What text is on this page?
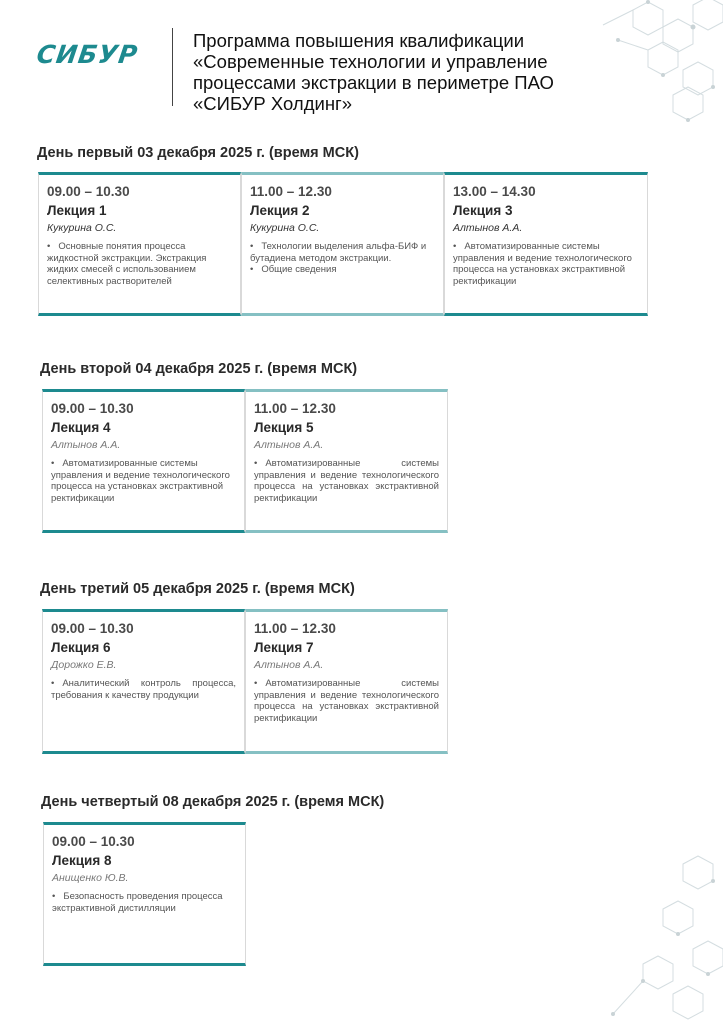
СИБУР	Программа повышения квалификации «Современные технологии и управление процессами экстракции в периметре ПАО «СИБУР Холдинг»
День первый 03 декабря 2025 г. (время МСК)
09.00 – 10.30
Лекция 1
Кукурина О.С.
• Основные понятия процесса жидкостной экстракции. Экстракция жидких смесей с использованием селективных растворителей
11.00 – 12.30
Лекция 2
Кукурина О.С.
• Технологии выделения альфа-БИФ и бутадиена методом экстракции.
• Общие сведения
13.00 – 14.30
Лекция 3
Алтынов А.А.
• Автоматизированные системы управления и ведение технологического процесса на установках экстрактивной ректификации
День второй 04 декабря 2025 г. (время МСК)
09.00 – 10.30
Лекция 4
Алтынов А.А.
• Автоматизированные системы управления и ведение технологического процесса на установках экстрактивной ректификации
11.00 – 12.30
Лекция 5
Алтынов А.А.
• Автоматизированные системы управления и ведение технологического процесса на установках экстрактивной ректификации
День третий 05 декабря 2025 г. (время МСК)
09.00 – 10.30
Лекция 6
Дорожко Е.В.
• Аналитический контроль процесса, требования к качеству продукции
11.00 – 12.30
Лекция 7
Алтынов А.А.
• Автоматизированные системы управления и ведение технологического процесса на установках экстрактивной ректификации
День четвертый 08 декабря 2025 г. (время МСК)
09.00 – 10.30
Лекция 8
Анищенко Ю.В.
• Безопасность проведения процесса экстрактивной дистилляции
